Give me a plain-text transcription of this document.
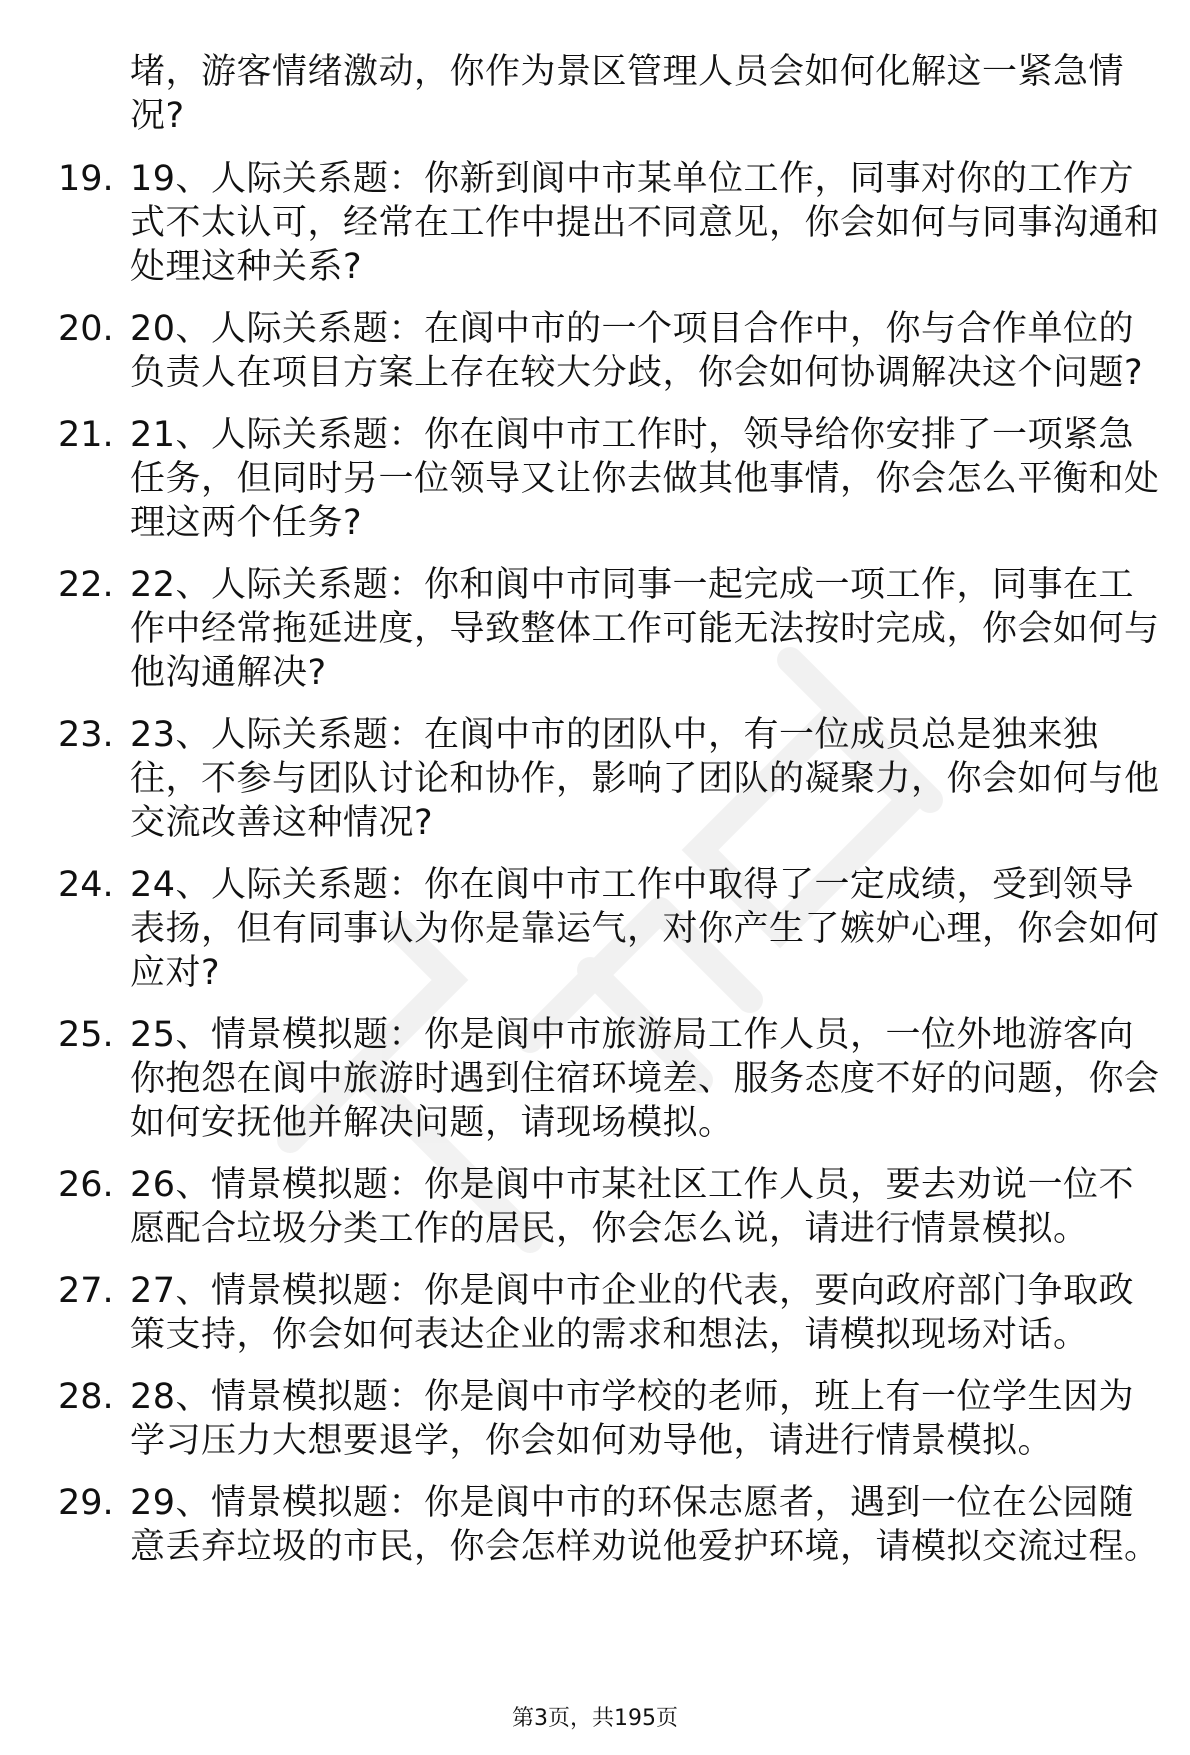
堵，游客情绪激动，你作为景区管理人员会如何化解这一紧急情况?
19. 19、人际关系题：你新到阆中市某单位工作，同事对你的工作方式不太认可，经常在工作中提出不同意见，你会如何与同事沟通和处理这种关系?
20. 20、人际关系题：在阆中市的一个项目合作中，你与合作单位的负责人在项目方案上存在较大分歧，你会如何协调解决这个问题?
21. 21、人际关系题：你在阆中市工作时，领导给你安排了一项紧急任务，但同时另一位领导又让你去做其他事情，你会怎么平衡和处理这两个任务?
22. 22、人际关系题：你和阆中市同事一起完成一项工作，同事在工作中经常拖延进度，导致整体工作可能无法按时完成，你会如何与他沟通解决?
23. 23、人际关系题：在阆中市的团队中，有一位成员总是独来独往，不参与团队讨论和协作，影响了团队的凝聚力，你会如何与他交流改善这种情况?
24. 24、人际关系题：你在阆中市工作中取得了一定成绩，受到领导表扬，但有同事认为你是靠运气，对你产生了嫉妒心理，你会如何应对?
25. 25、情景模拟题：你是阆中市旅游局工作人员，一位外地游客向你抱怨在阆中旅游时遇到住宿环境差、服务态度不好的问题，你会如何安抚他并解决问题，请现场模拟。
26. 26、情景模拟题：你是阆中市某社区工作人员，要去劝说一位不愿配合垃圾分类工作的居民，你会怎么说，请进行情景模拟。
27. 27、情景模拟题：你是阆中市企业的代表，要向政府部门争取政策支持，你会如何表达企业的需求和想法，请模拟现场对话。
28. 28、情景模拟题：你是阆中市学校的老师，班上有一位学生因为学习压力大想要退学，你会如何劝导他，请进行情景模拟。
29. 29、情景模拟题：你是阆中市的环保志愿者，遇到一位在公园随意丢弃垃圾的市民，你会怎样劝说他爱护环境，请模拟交流过程。
第3页，共195页
